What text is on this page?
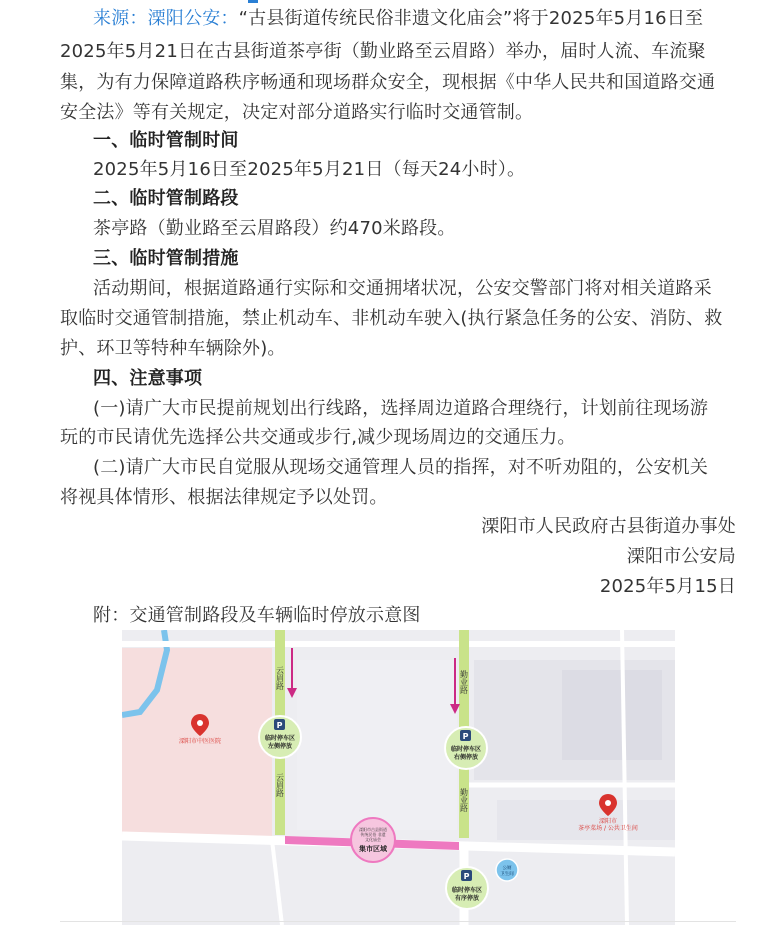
来源：溧阳公安：“古县街道传统民俗非遗文化庙会”将于2025年5月16日至
2025年5月21日在古县街道茶亭街（勤业路至云眉路）举办，届时人流、车流聚
集，为有力保障道路秩序畅通和现场群众安全，现根据《中华人民共和国道路交通
安全法》等有关规定，决定对部分道路实行临时交通管制。
一、临时管制时间
2025年5月16日至2025年5月21日（每天24小时）。
二、临时管制路段
茶亭路（勤业路至云眉路段）约470米路段。
三、临时管制措施
活动期间，根据道路通行实际和交通拥堵状况，公安交警部门将对相关道路采
取临时交通管制措施，禁止机动车、非机动车驶入(执行紧急任务的公安、消防、救
护、环卫等特种车辆除外)。
四、注意事项
(一)请广大市民提前规划出行线路，选择周边道路合理绕行，计划前往现场游
玩的市民请优先选择公共交通或步行,减少现场周边的交通压力。
(二)请广大市民自觉服从现场交通管理人员的指挥，对不听劝阻的，公安机关
将视具体情形、根据法律规定予以处罚。
溧阳市人民政府古县街道办事处
溧阳市公安局
2025年5月15日
附：交通管制路段及车辆临时停放示意图
云眉路
云眉路
勤业路
勤业路
P
临时停车区
左侧停放
P
临时停车区
右侧停放
P
临时停车区
有序停放
溧阳市古县街道
传统民俗 非遗
文化庙会
集市区域
公厕
卫生间
溧阳市中医医院
溧阳市
茶亭菜场 / 公共卫生间
